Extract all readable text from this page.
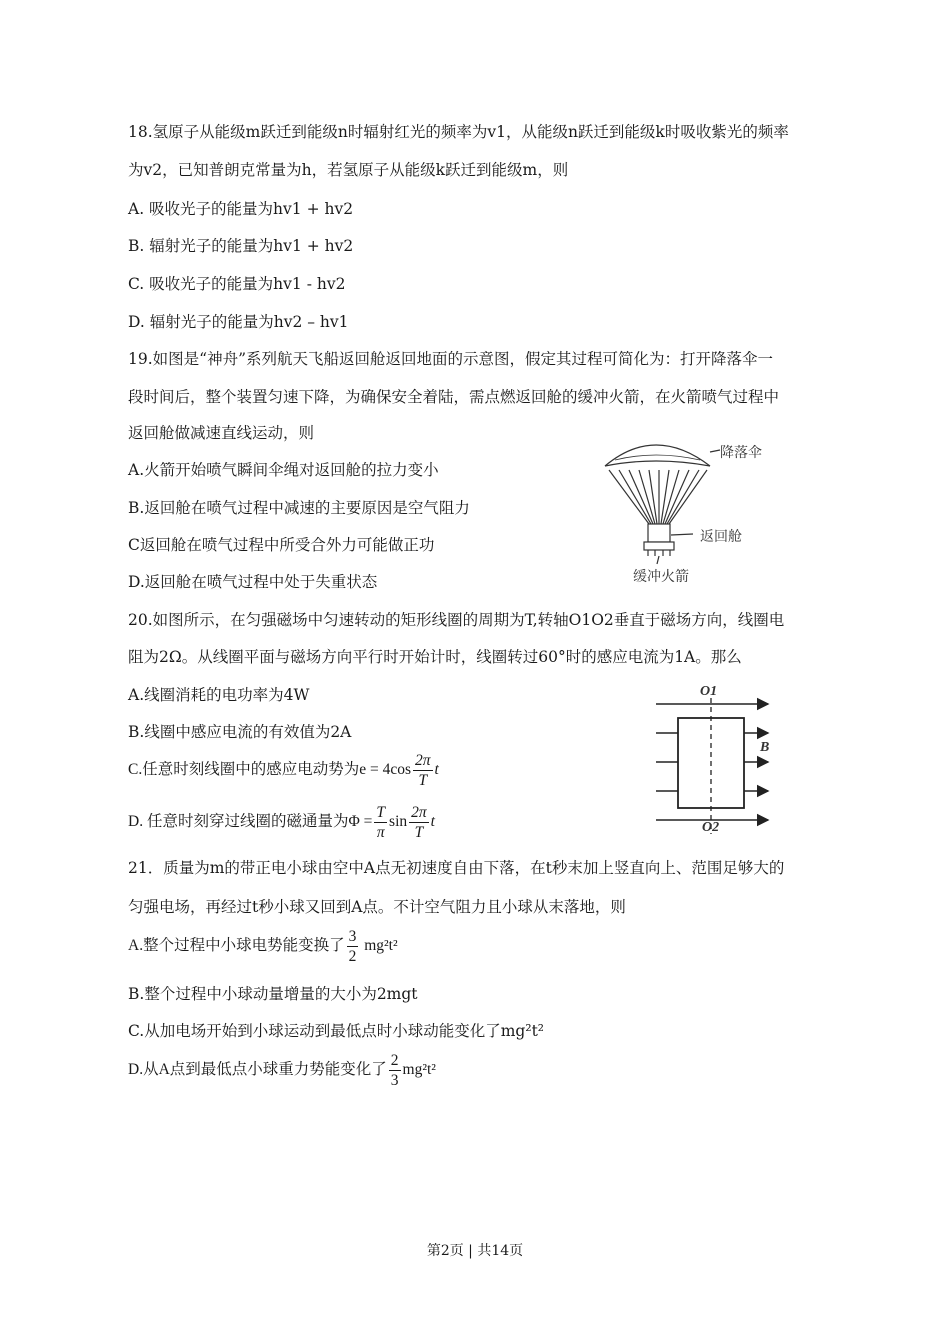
18.氢原子从能级m跃迁到能级n时辐射红光的频率为v1，从能级n跃迁到能级k时吸收紫光的频率
为v2，已知普朗克常量为h，若氢原子从能级k跃迁到能级m，则
A. 吸收光子的能量为hv1 + hv2
B. 辐射光子的能量为hv1 + hv2
C. 吸收光子的能量为hv1 - hv2
D. 辐射光子的能量为hv2 – hv1
19.如图是“神舟”系列航天飞船返回舱返回地面的示意图，假定其过程可简化为：打开降落伞一
段时间后，整个装置匀速下降，为确保安全着陆，需点燃返回舱的缓冲火箭，在火箭喷气过程中
返回舱做减速直线运动，则
A.火箭开始喷气瞬间伞绳对返回舱的拉力变小
B.返回舱在喷气过程中减速的主要原因是空气阻力
C返回舱在喷气过程中所受合外力可能做正功
D.返回舱在喷气过程中处于失重状态
降落伞
返回舱
缓冲火箭
20.如图所示，在匀强磁场中匀速转动的矩形线圈的周期为T,转轴O1O2垂直于磁场方向，线圈电
阻为2Ω。从线圈平面与磁场方向平行时开始计时，线圈转过60°时的感应电流为1A。那么
A.线圈消耗的电功率为4W
B.线圈中感应电流的有效值为2A
C.任意时刻线圈中的感应电动势为$e = 4\cos \frac{2\pi}{T}$ t
D. 任意时刻穿过线圈的磁通量为$\Phi = \frac{T}{\pi}$ $\sin \frac{2\pi}{T}$ t
O1
O2
B
21．质量为m的带正电小球由空中A点无初速度自由下落，在t秒末加上竖直向上、范围足够大的
匀强电场，再经过t秒小球又回到A点。不计空气阻力且小球从末落地，则
A.整个过程中小球电势能变换了 $\frac{3}{2} mg^2t^2$
B.整个过程中小球动量增量的大小为2mgt
C.从加电场开始到小球运动到最低点时小球动能变化了mg²t²
D.从A点到最低点小球重力势能变化了 $\frac{2}{3} mg^2t^2$
第2页 | 共14页
